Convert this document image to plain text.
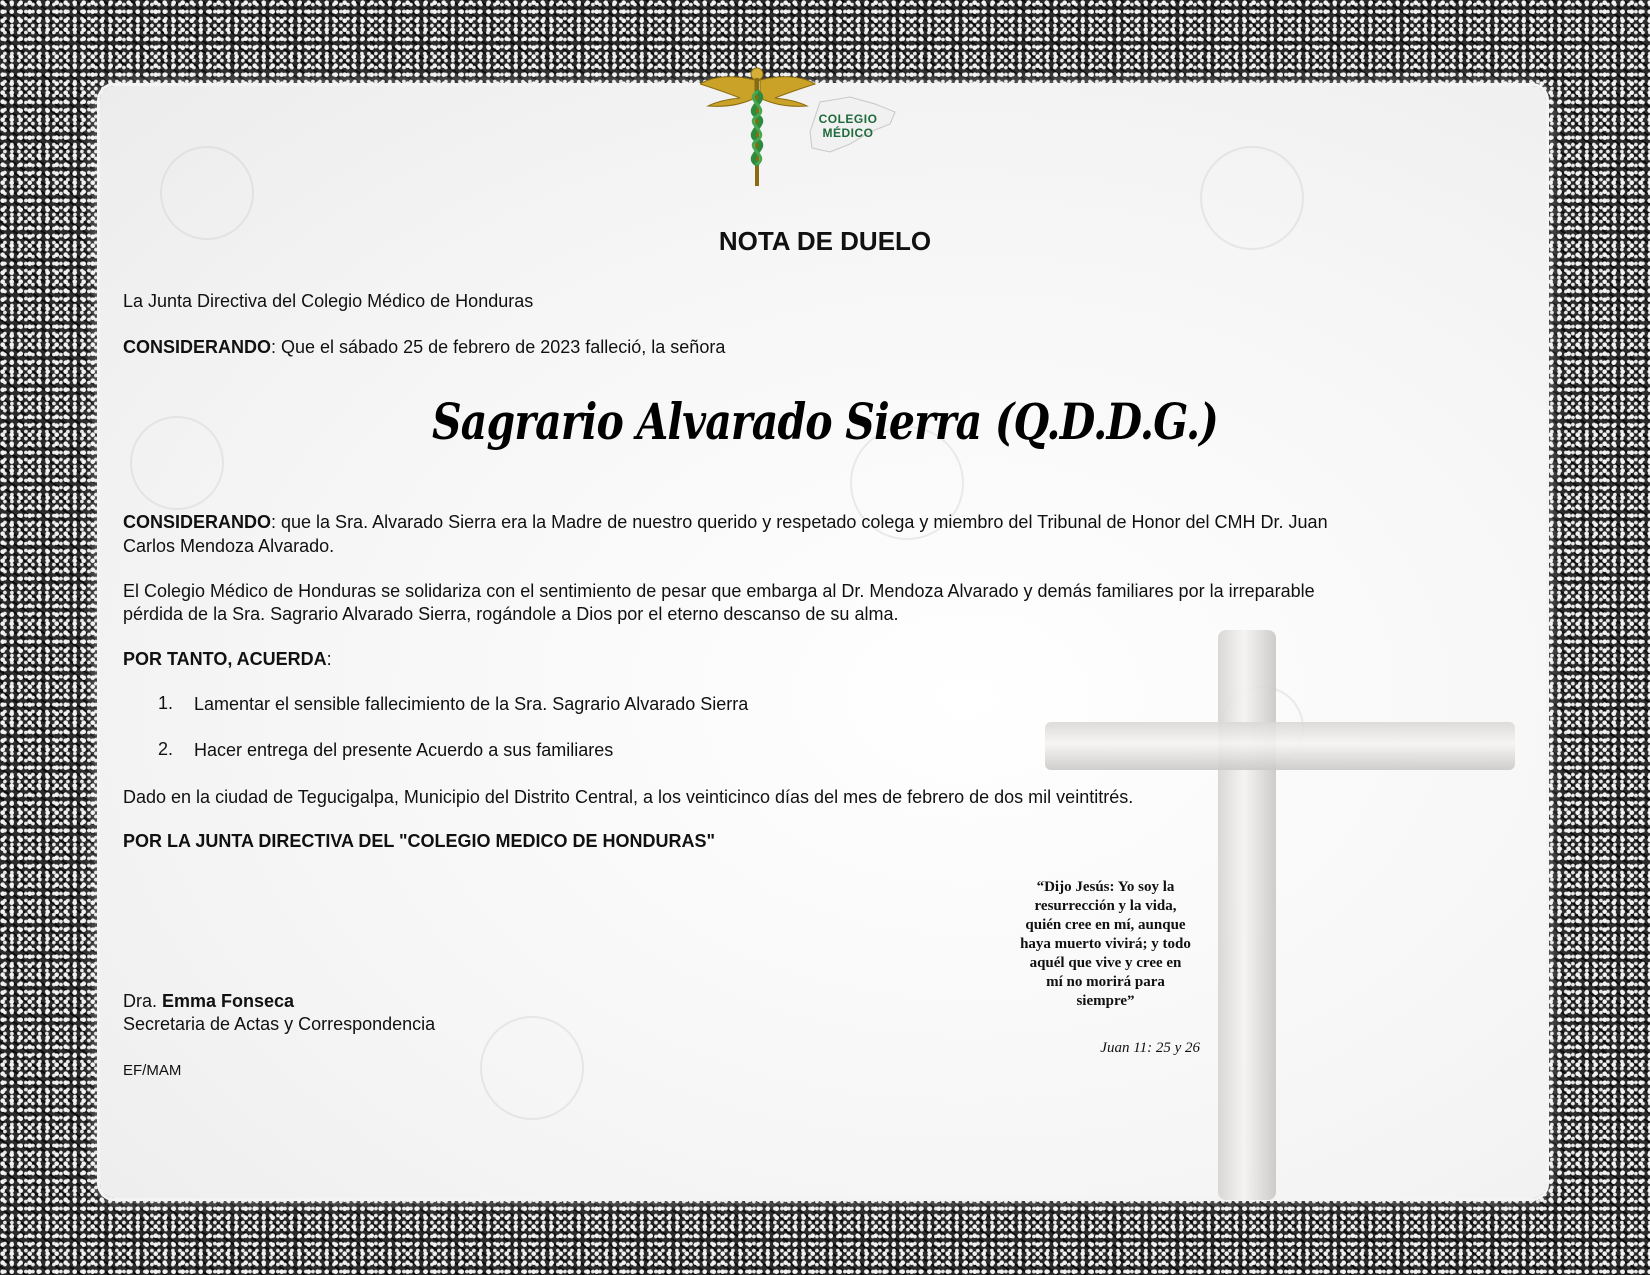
COLEGIO MÉDICO
NOTA DE DUELO
La Junta Directiva del Colegio Médico de Honduras
CONSIDERANDO: Que el sábado 25 de febrero de 2023 falleció, la señora
Sagrario Alvarado Sierra (Q.D.D.G.)
CONSIDERANDO: que la Sra. Alvarado Sierra era la Madre de nuestro querido y respetado colega y miembro del Tribunal de Honor del CMH Dr. Juan
Carlos Mendoza Alvarado.
El Colegio Médico de Honduras se solidariza con el sentimiento de pesar que embarga al Dr. Mendoza Alvarado y demás familiares por la irreparable
pérdida de la Sra. Sagrario Alvarado Sierra, rogándole a Dios por el eterno descanso de su alma.
POR TANTO, ACUERDA:
1. Lamentar el sensible fallecimiento de la Sra. Sagrario Alvarado Sierra
2. Hacer entrega del presente Acuerdo a sus familiares
Dado en la ciudad de Tegucigalpa, Municipio del Distrito Central, a los veinticinco días del mes de febrero de dos mil veintitrés.
POR LA JUNTA DIRECTIVA DEL "COLEGIO MEDICO DE HONDURAS"
“Dijo Jesús: Yo soy la
resurrección y la vida,
quién cree en mí, aunque
haya muerto vivirá; y todo
aquél que vive y cree en
mí no morirá para
siempre”
Juan 11: 25 y 26
Dra. Emma Fonseca
Secretaria de Actas y Correspondencia
EF/MAM
